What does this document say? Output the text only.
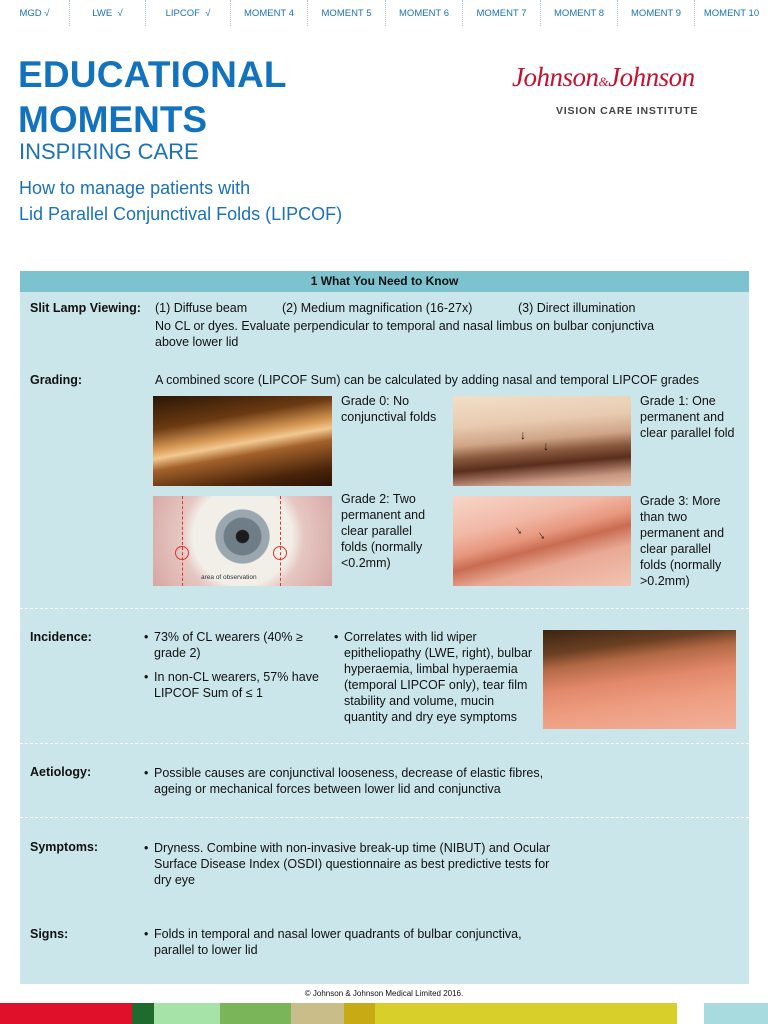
MGD
√	LWE
√	LIPCOF
√	MOMENT 4	MOMENT 5	MOMENT 6	MOMENT 7	MOMENT 8	MOMENT 9 MOMENT 10
EDUCATIONAL
MOMENTS
INSPIRING CARE
How to manage patients with
Lid Parallel Conjunctival Folds (LIPCOF)
Johnson&Johnson
VISION CARE INSTITUTE
1 What You Need to Know
Slit Lamp Viewing: (1) Diffuse beam	(2) Medium magnification (16-27x)	(3) Direct illumination
No CL or dyes. Evaluate perpendicular to temporal and nasal limbus on bulbar conjunctiva
above lower lid
Grading:	A combined score (LIPCOF Sum) can be calculated by adding nasal and temporal LIPCOF grades
Grade 0: No conjunctival folds
↓
↓
Grade 1: One permanent and clear parallel fold
area of observation
Grade 2: Two permanent and clear parallel folds (normally <0.2mm)
↓ ↓
Grade 3: More than two permanent and clear parallel folds (normally >0.2mm)
Incidence:	• 73% of CL wearers (40% ≥ grade 2)
• In non-CL wearers, 57% have LIPCOF Sum of ≤ 1
• Correlates with lid wiper epitheliopathy (LWE, right), bulbar hyperaemia, limbal hyperaemia (temporal LIPCOF only), tear film stability and volume, mucin quantity and dry eye symptoms
Aetiology:	• Possible causes are conjunctival looseness, decrease of elastic fibres, ageing or mechanical forces between lower lid and conjunctiva
Symptoms:	• Dryness. Combine with non-invasive break-up time (NIBUT) and Ocular Surface Disease Index (OSDI) questionnaire as best predictive tests for dry eye
Signs:	• Folds in temporal and nasal lower quadrants of bulbar conjunctiva, parallel to lower lid
© Johnson & Johnson Medical Limited 2016.
